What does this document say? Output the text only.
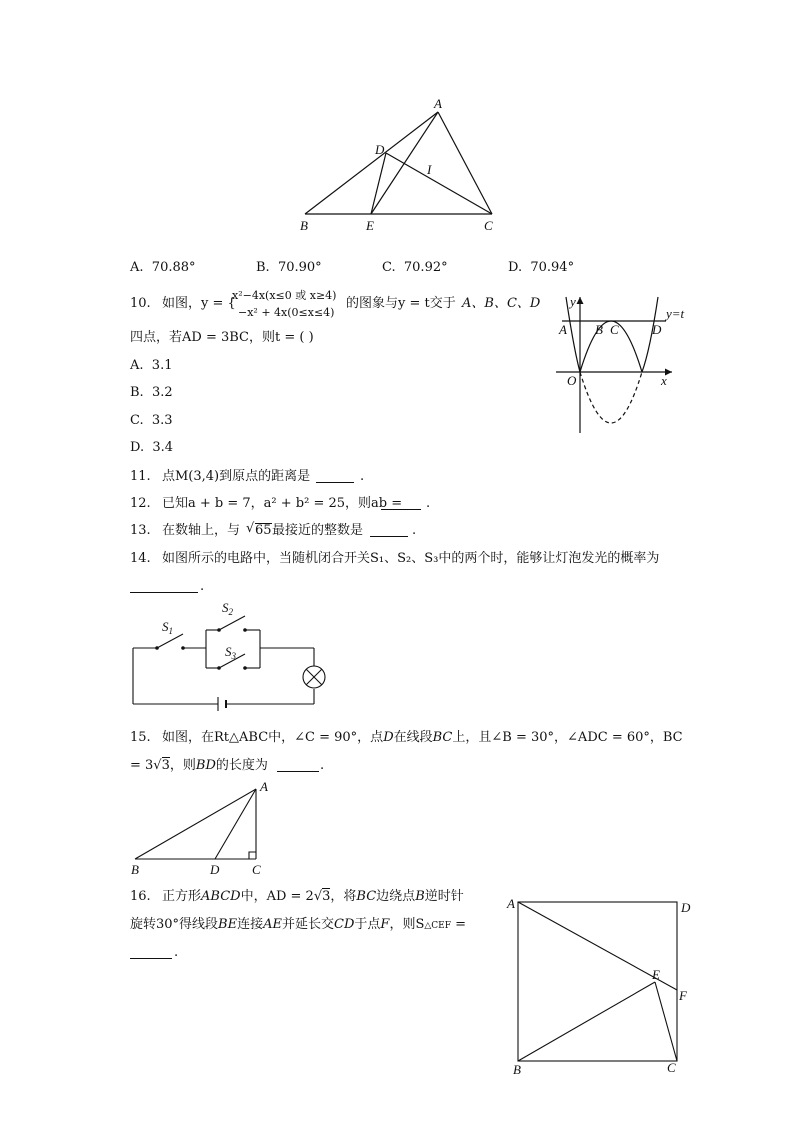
A
D
I
B	E	C
A. 70.88°	B. 70.90°	C. 70.92°	D. 70.94°
10. 如图，y = {
x²−4x(x≤0 或 x≥4)
−x² + 4x(0≤x≤4)
的图象与y = t交于 A、B、C、D
四点，若AD = 3BC，则t = ( )
A. 3.1
B. 3.2
C. 3.3
D. 3.4
y
x
O
A B C	D
y=t
11. 点M(3,4)到原点的距离是	.
12. 已知a + b = 7，a² + b² = 25，则ab = .
13. 在数轴上，与 √ 65 最接近的整数是	.
14. 如图所示的电路中，当随机闭合开关S₁、S₂、S₃中的两个时，能够让灯泡发光的概率为
.
$S_1$
$S_2$
$S_3$
15. 如图，在Rt△ABC中，∠C = 90°，点D在线段BC上，且∠B = 30°，∠ADC = 60°，BC
= 3√3，则BD的长度为	.
A
B	D	C
16. 正方形ABCD中，AD = 2√3，将BC边绕点B逆时针
旋转30°得线段BE连接AE并延长交CD于点F，则S△CEF =
.
A	D
E
F
B	C
